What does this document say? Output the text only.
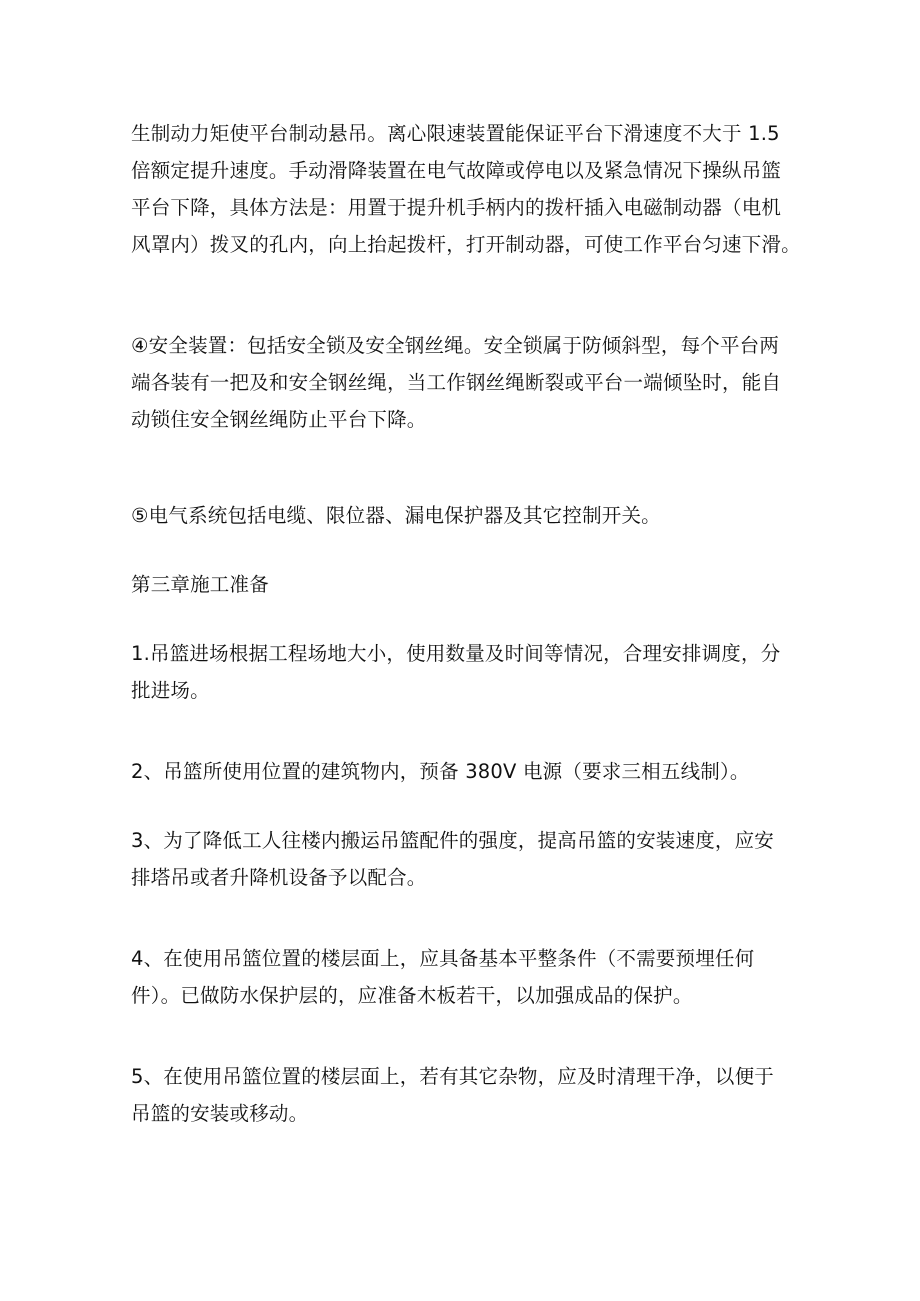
生制动力矩使平台制动悬吊。离心限速装置能保证平台下滑速度不大于 1.5
倍额定提升速度。手动滑降装置在电气故障或停电以及紧急情况下操纵吊篮
平台下降，具体方法是：用置于提升机手柄内的拨杆插入电磁制动器（电机
风罩内）拨叉的孔内，向上抬起拨杆，打开制动器，可使工作平台匀速下滑。
④安全装置：包括安全锁及安全钢丝绳。安全锁属于防倾斜型，每个平台两
端各装有一把及和安全钢丝绳，当工作钢丝绳断裂或平台一端倾坠时，能自
动锁住安全钢丝绳防止平台下降。
⑤电气系统包括电缆、限位器、漏电保护器及其它控制开关。
第三章施工准备
1.吊篮进场根据工程场地大小，使用数量及时间等情况，合理安排调度，分
批进场。
2、吊篮所使用位置的建筑物内，预备 380V 电源（要求三相五线制）。
3、为了降低工人往楼内搬运吊篮配件的强度，提高吊篮的安装速度，应安
排塔吊或者升降机设备予以配合。
4、在使用吊篮位置的楼层面上，应具备基本平整条件（不需要预埋任何
件）。已做防水保护层的，应准备木板若干，以加强成品的保护。
5、在使用吊篮位置的楼层面上，若有其它杂物，应及时清理干净，以便于
吊篮的安装或移动。
